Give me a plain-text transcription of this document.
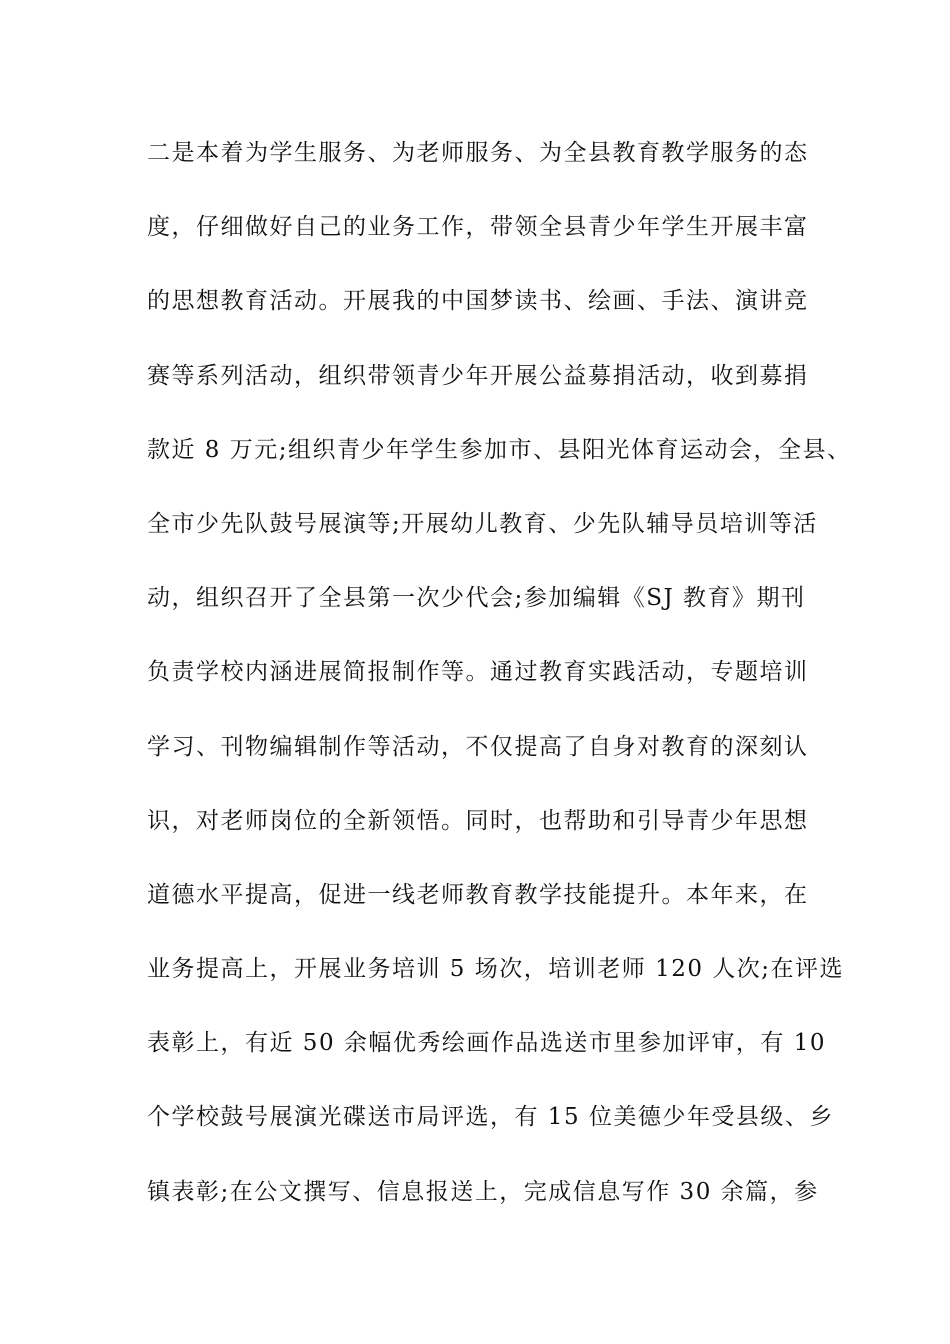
二是本着为学生服务、为老师服务、为全县教育教学服务的态
度，仔细做好自己的业务工作，带领全县青少年学生开展丰富
的思想教育活动。开展我的中国梦读书、绘画、手法、演讲竞
赛等系列活动，组织带领青少年开展公益募捐活动，收到募捐
款近 8 万元;组织青少年学生参加市、县阳光体育运动会，全县、
全市少先队鼓号展演等;开展幼儿教育、少先队辅导员培训等活
动，组织召开了全县第一次少代会;参加编辑《SJ 教育》期刊
负责学校内涵进展简报制作等。通过教育实践活动，专题培训
学习、刊物编辑制作等活动，不仅提高了自身对教育的深刻认
识，对老师岗位的全新领悟。同时，也帮助和引导青少年思想
道德水平提高，促进一线老师教育教学技能提升。本年来，在
业务提高上，开展业务培训 5 场次，培训老师 120 人次;在评选
表彰上，有近 50 余幅优秀绘画作品选送市里参加评审，有 10
个学校鼓号展演光碟送市局评选，有 15 位美德少年受县级、乡
镇表彰;在公文撰写、信息报送上，完成信息写作 30 余篇，参
